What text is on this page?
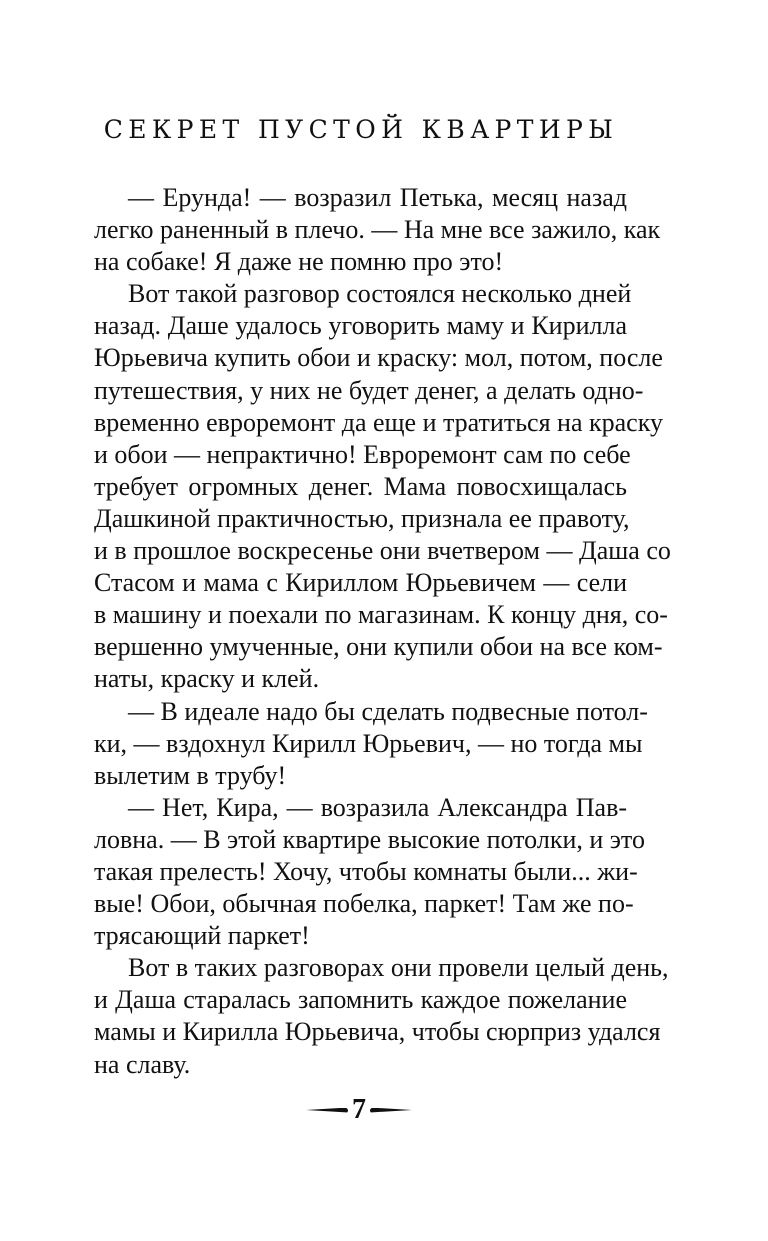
СЕКРЕТ ПУСТОЙ КВАРТИРЫ
— Ерунда! — возразил Петька, месяц назад
легко раненный в плечо. — На мне все зажило, как
на собаке! Я даже не помню про это!
Вот такой разговор состоялся несколько дней
назад. Даше удалось уговорить маму и Кирилла
Юрьевича купить обои и краску: мол, потом, после
путешествия, у них не будет денег, а делать одно-
временно евроремонт да еще и тратиться на краску
и обои — непрактично! Евроремонт сам по себе
требует огромных денег. Мама повосхищалась
Дашкиной практичностью, признала ее правоту,
и в прошлое воскресенье они вчетвером — Даша со
Стасом и мама с Кириллом Юрьевичем — сели
в машину и поехали по магазинам. К концу дня, со-
вершенно умученные, они купили обои на все ком-
наты, краску и клей.
— В идеале надо бы сделать подвесные потол-
ки, — вздохнул Кирилл Юрьевич, — но тогда мы
вылетим в трубу!
— Нет, Кира, — возразила Александра Пав-
ловна. — В этой квартире высокие потолки, и это
такая прелесть! Хочу, чтобы комнаты были... жи-
вые! Обои, обычная побелка, паркет! Там же по-
трясающий паркет!
Вот в таких разговорах они провели целый день,
и Даша старалась запомнить каждое пожелание
мамы и Кирилла Юрьевича, чтобы сюрприз удался
на славу.
7
